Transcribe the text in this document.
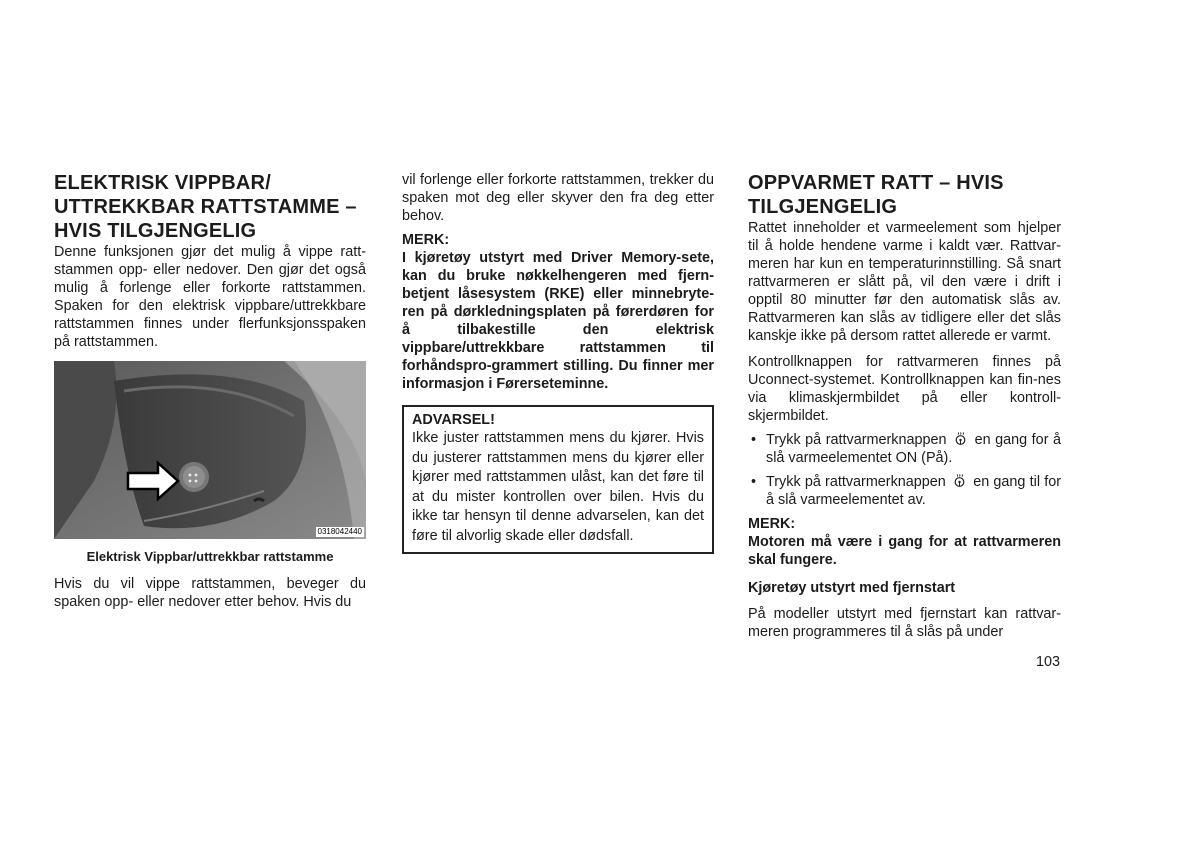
ELEKTRISK VIPPBAR/
UTTREKKBAR RATTSTAMME –
HVIS TILGJENGELIG

Denne funksjonen gjør det mulig å vippe ratt-stammen opp- eller nedover. Den gjør det også mulig å forlenge eller forkorte rattstammen. Spaken for den elektrisk vippbare/uttrekkbare rattstammen finnes under flerfunksjonsspaken på rattstammen.

0318042440
Elektrisk Vippbar/uttrekkbar rattstamme

Hvis du vil vippe rattstammen, beveger du spaken opp- eller nedover etter behov. Hvis du

vil forlenge eller forkorte rattstammen, trekker du spaken mot deg eller skyver den fra deg etter behov.

MERK:

I kjøretøy utstyrt med Driver Memory-sete, kan du bruke nøkkelhengeren med fjern-betjent låsesystem (RKE) eller minnebryte-ren på dørkledningsplaten på førerdøren for å tilbakestille den elektrisk vippbare/uttrekkbare rattstammen til forhåndspro-grammert stilling. Du finner mer informasjon i Førerseteminne.

ADVARSEL!
Ikke juster rattstammen mens du kjører. Hvis du justerer rattstammen mens du kjører eller kjører med rattstammen ulåst, kan det føre til at du mister kontrollen over bilen. Hvis du ikke tar hensyn til denne advarselen, kan det føre til alvorlig skade eller dødsfall.
OPPVARMET RATT – HVIS
TILGJENGELIG

Rattet inneholder et varmeelement som hjelper til å holde hendene varme i kaldt vær. Rattvar-meren har kun en temperaturinnstilling. Så snart rattvarmeren er slått på, vil den være i drift i opptil 80 minutter før den automatisk slås av. Rattvarmeren kan slås av tidligere eller det slås kanskje ikke på dersom rattet allerede er varmt.

Kontrollknappen for rattvarmeren finnes på Uconnect-systemet. Kontrollknappen kan fin-nes via klimaskjermbildet på eller kontroll-skjermbildet.

• Trykk på rattvarmerknappen en gang for å slå varmeelementet ON (På).
• Trykk på rattvarmerknappen en gang til for å slå varmeelementet av.

MERK:

Motoren må være i gang for at rattvarmeren skal fungere.

Kjøretøy utstyrt med fjernstart

På modeller utstyrt med fjernstart kan rattvar-meren programmeres til å slås på under

103
